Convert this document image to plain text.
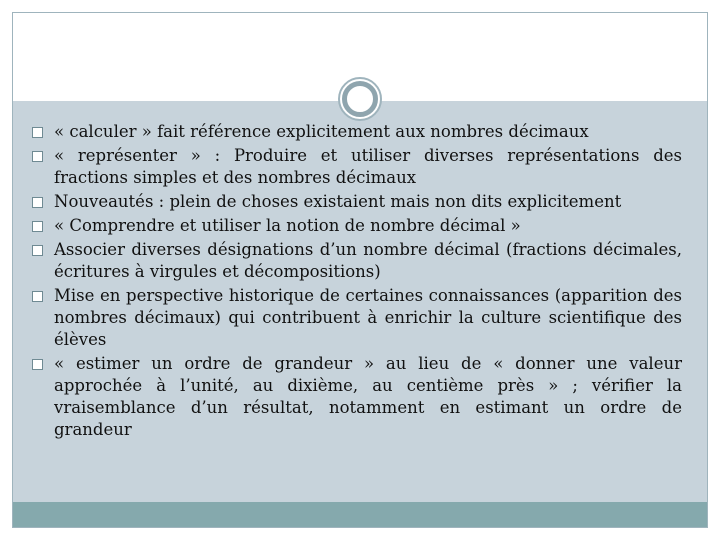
« calculer » fait référence explicitement aux nombres décimaux
« représenter » : Produire et utiliser diverses représentations des fractions simples et des nombres décimaux
Nouveautés : plein de choses existaient mais non dits explicitement
« Comprendre et utiliser la notion de nombre décimal »
Associer diverses désignations d’un nombre décimal (fractions décimales, écritures à virgules et décompositions)
Mise en perspective historique de certaines connaissances (apparition des nombres décimaux) qui contribuent à enrichir la culture scientifique des élèves
« estimer un ordre de grandeur » au lieu de « donner une valeur approchée à l’unité, au dixième, au centième près » ; vérifier la vraisemblance d’un résultat, notamment en estimant un ordre de grandeur
